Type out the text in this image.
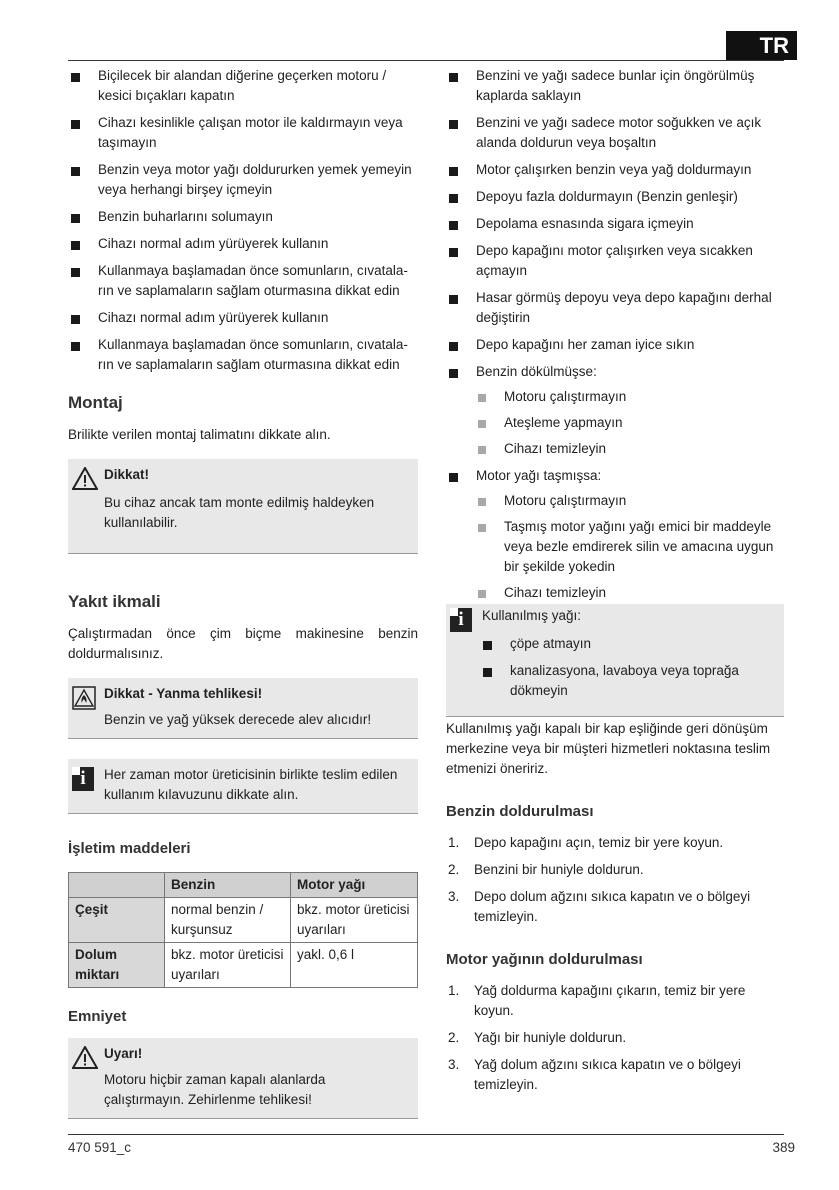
TR
Biçilecek bir alandan diğerine geçerken motoru / kesici bıçakları kapatın
Cihazı kesinlikle çalışan motor ile kaldırmayın veya taşımayın
Benzin veya motor yağı doldururken yemek yemeyin veya herhangi birşey içmeyin
Benzin buharlarını solumayın
Cihazı normal adım yürüyerek kullanın
Kullanmaya başlamadan önce somunların, cıvatala-rın ve saplamaların sağlam oturmasına dikkat edin
Cihazı normal adım yürüyerek kullanın
Kullanmaya başlamadan önce somunların, cıvatala-rın ve saplamaların sağlam oturmasına dikkat edin
Montaj

Brilikte verilen montaj talimatını dikkate alın.

Dikkat!
Bu cihaz ancak tam monte edilmiş haldeyken kullanılabilir.
Yakıt ikmali

Çalıştırmadan önce çim biçme makinesine benzin doldurmalısınız.

Dikkat - Yanma tehlikesi!
Benzin ve yağ yüksek derecede alev alıcıdır!
i	Her zaman motor üreticisinin birlikte teslim edilen kullanım kılavuzunu dikkate alın.
İşletim maddeleri
	Benzin	Motor yağı
Çeşit	normal benzin / kurşunsuz	bkz. motor üreticisi uyarıları
Dolum miktarı	bkz. motor üreticisi uyarıları	yakl. 0,6 l
Emniyet
Uyarı!
Motoru hiçbir zaman kapalı alanlarda çalıştırmayın. Zehirlenme tehlikesi!
Benzini ve yağı sadece bunlar için öngörülmüş kaplarda saklayın
Benzini ve yağı sadece motor soğukken ve açık alanda doldurun veya boşaltın
Motor çalışırken benzin veya yağ doldurmayın
Depoyu fazla doldurmayın (Benzin genleşir)
Depolama esnasında sigara içmeyin
Depo kapağını motor çalışırken veya sıcakken açmayın
Hasar görmüş depoyu veya depo kapağını derhal değiştirin
Depo kapağını her zaman iyice sıkın
Benzin dökülmüşse:
Motoru çalıştırmayın
Ateşleme yapmayın
Cihazı temizleyin
Motor yağı taşmışsa:
Motoru çalıştırmayın
Taşmış motor yağını yağı emici bir maddeyle veya bezle emdirerek silin ve amacına uygun bir şekilde yokedin
Cihazı temizleyin
i	Kullanılmış yağı:
çöpe atmayın
kanalizasyona, lavaboya veya toprağa dökmeyin

Kullanılmış yağı kapalı bir kap eşliğinde geri dönüşüm merkezine veya bir müşteri hizmetleri noktasına teslim etmenizi öneririz.

Benzin doldurulması
1. Depo kapağını açın, temiz bir yere koyun.
2. Benzini bir huniyle doldurun.
3. Depo dolum ağzını sıkıca kapatın ve o bölgeyi temizleyin.
Motor yağının doldurulması
1. Yağ doldurma kapağını çıkarın, temiz bir yere koyun.
2. Yağı bir huniyle doldurun.
3. Yağ dolum ağzını sıkıca kapatın ve o bölgeyi temizleyin.
470 591_c	389
